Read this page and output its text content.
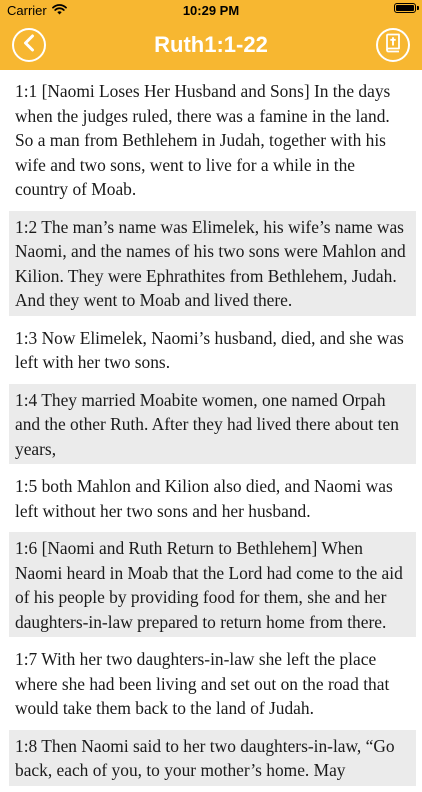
Carrier	10:29 PM
Ruth1:1-22
1:1 [Naomi Loses Her Husband and Sons] In the days when the judges ruled, there was a famine in the land. So a man from Bethlehem in Judah, together with his wife and two sons, went to live for a while in the country of Moab.
1:2 The man’s name was Elimelek, his wife’s name was Naomi, and the names of his two sons were Mahlon and Kilion. They were Ephrathites from Bethlehem, Judah. And they went to Moab and lived there.
1:3 Now Elimelek, Naomi’s husband, died, and she was left with her two sons.
1:4 They married Moabite women, one named Orpah and the other Ruth. After they had lived there about ten years,
1:5 both Mahlon and Kilion also died, and Naomi was left without her two sons and her husband.
1:6 [Naomi and Ruth Return to Bethlehem] When Naomi heard in Moab that the Lord had come to the aid of his people by providing food for them, she and her daughters-in-law prepared to return home from there.
1:7 With her two daughters-in-law she left the place where she had been living and set out on the road that would take them back to the land of Judah.
1:8 Then Naomi said to her two daughters-in-law, “Go back, each of you, to your mother’s home. May
